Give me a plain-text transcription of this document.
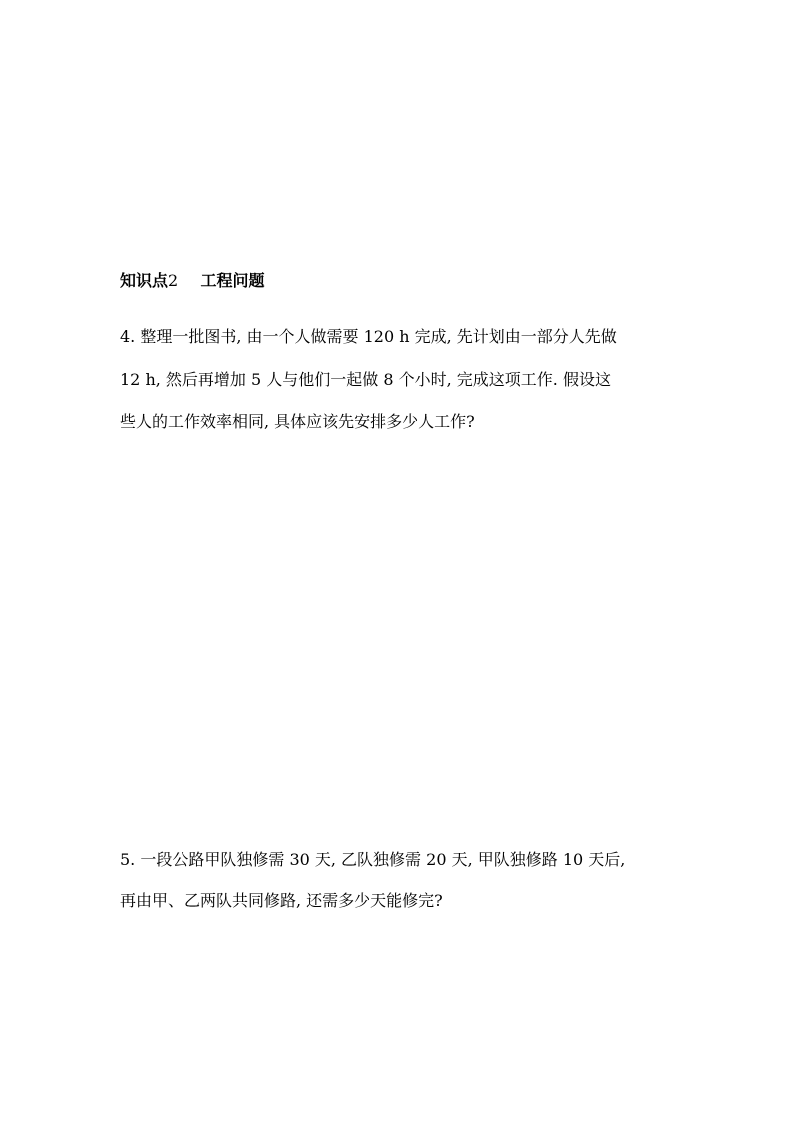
知识点2 工程问题
4. 整理一批图书, 由一个人做需要 120 h 完成, 先计划由一部分人先做
12 h, 然后再增加 5 人与他们一起做 8 个小时, 完成这项工作. 假设这
些人的工作效率相同, 具体应该先安排多少人工作?
5. 一段公路甲队独修需 30 天, 乙队独修需 20 天, 甲队独修路 10 天后,
再由甲、乙两队共同修路, 还需多少天能修完?
